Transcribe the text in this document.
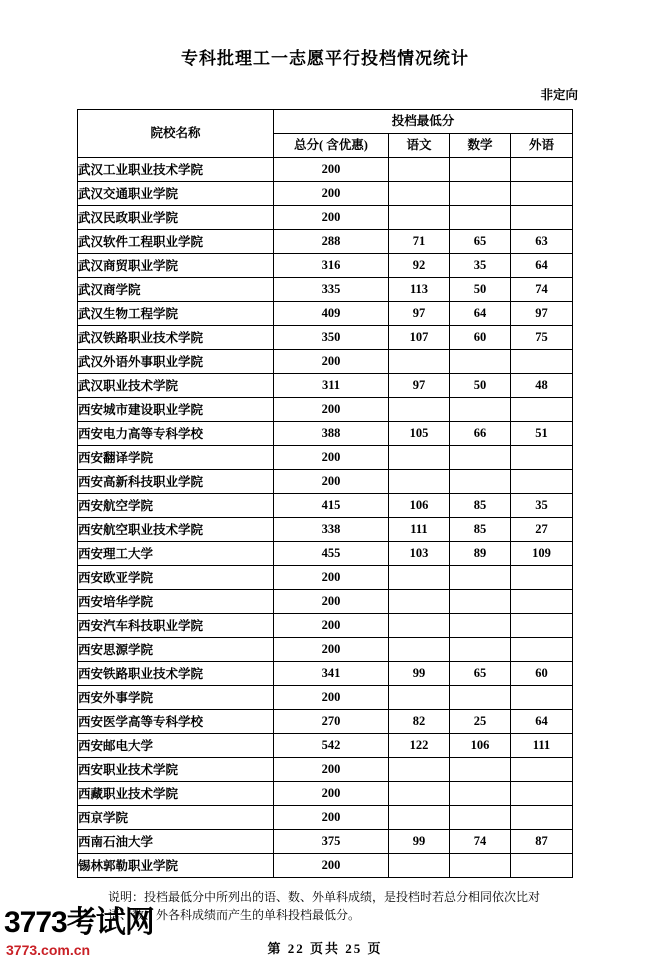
专科批理工一志愿平行投档情况统计
非定向
院校名称	投档最低分			
	总分( 含优惠)	语文	数学	外语
武汉工业职业技术学院	200			
武汉交通职业学院	200			
武汉民政职业学院	200			
武汉软件工程职业学院	288	71	65	63
武汉商贸职业学院	316	92	35	64
武汉商学院	335	113	50	74
武汉生物工程学院	409	97	64	97
武汉铁路职业技术学院	350	107	60	75
武汉外语外事职业学院	200			
武汉职业技术学院	311	97	50	48
西安城市建设职业学院	200			
西安电力高等专科学校	388	105	66	51
西安翻译学院	200			
西安高新科技职业学院	200			
西安航空学院	415	106	85	35
西安航空职业技术学院	338	111	85	27
西安理工大学	455	103	89	109
西安欧亚学院	200			
西安培华学院	200			
西安汽车科技职业学院	200			
西安思源学院	200			
西安铁路职业技术学院	341	99	65	60
西安外事学院	200			
西安医学高等专科学校	270	82	25	64
西安邮电大学	542	122	106	111
西安职业技术学院	200			
西藏职业技术学院	200			
西京学院	200			
西南石油大学	375	99	74	87
锡林郭勒职业学院	200			
说明：投档最低分中所列出的语、数、外单科成绩，是投档时若总分相同依次比对语、数、外各科成绩而产生的单科投档最低分。
第 22 页共 25 页
3773考试网
3773.com.cn
